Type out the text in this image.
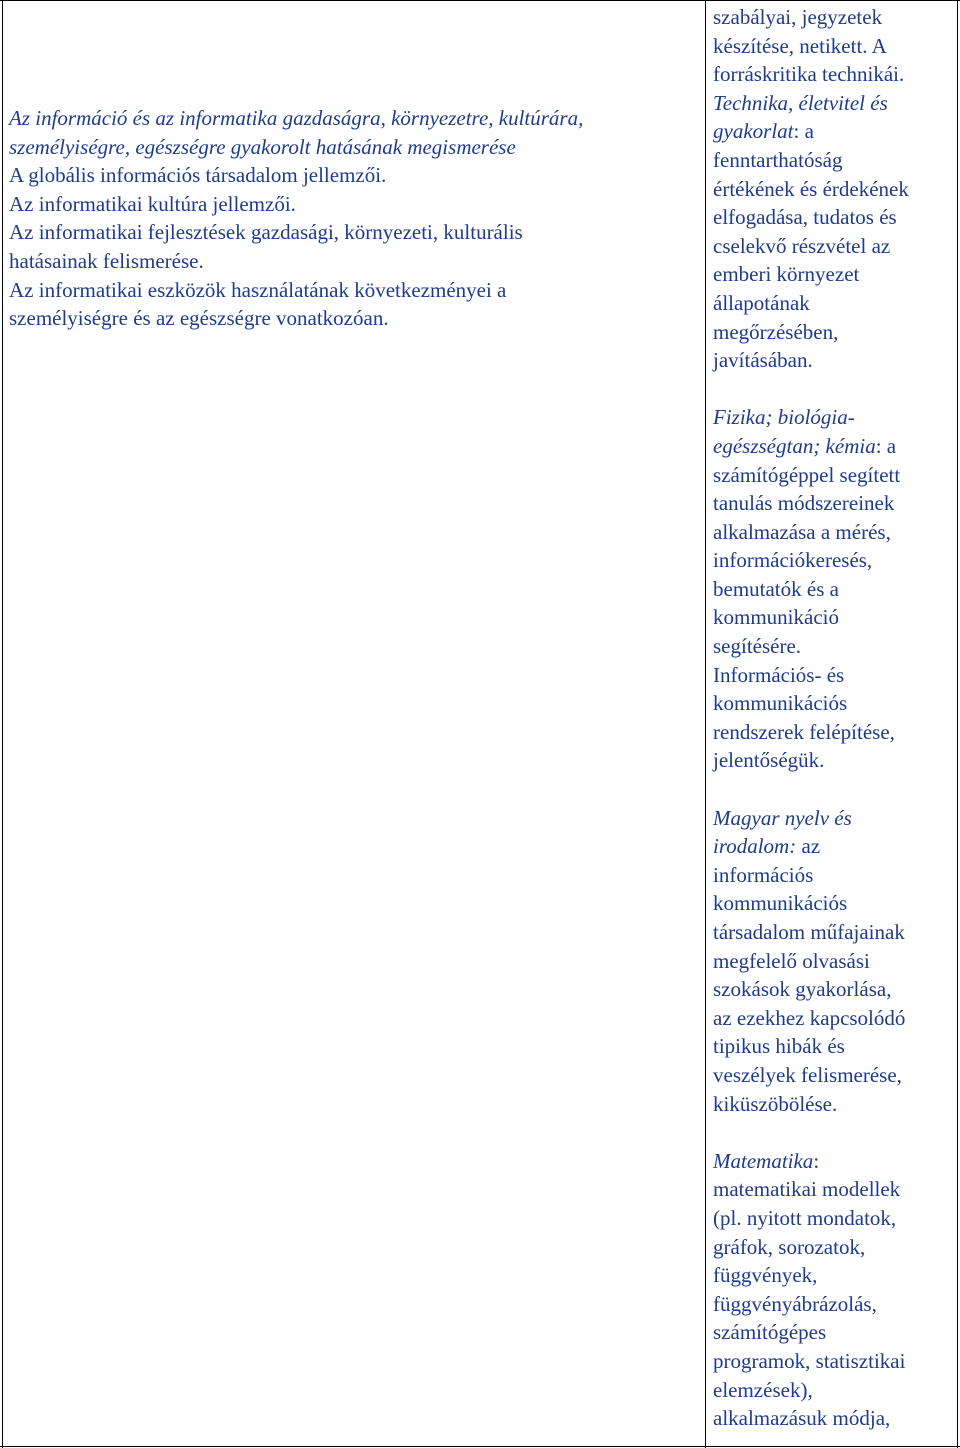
Az információ és az informatika gazdaságra, környezetre, kultúrára,
személyiségre, egészségre gyakorolt hatásának megismerése
A globális információs társadalom jellemzői.
Az informatikai kultúra jellemzői.
Az informatikai fejlesztések gazdasági, környezeti, kulturális
hatásainak felismerése.
Az informatikai eszközök használatának következményei a
személyiségre és az egészségre vonatkozóan.
szabályai, jegyzetek
készítése, netikett. A
forráskritika technikái.
Technika, életvitel és
gyakorlat: a
fenntarthatóság
értékének és érdekének
elfogadása, tudatos és
cselekvő részvétel az
emberi környezet
állapotának
megőrzésében,
javításában.
Fizika; biológia-
egészségtan; kémia: a
számítógéppel segített
tanulás módszereinek
alkalmazása a mérés,
információkeresés,
bemutatók és a
kommunikáció
segítésére.
Információs- és
kommunikációs
rendszerek felépítése,
jelentőségük.
Magyar nyelv és
irodalom: az
információs
kommunikációs
társadalom műfajainak
megfelelő olvasási
szokások gyakorlása,
az ezekhez kapcsolódó
tipikus hibák és
veszélyek felismerése,
kiküszöbölése.
Matematika:
matematikai modellek
(pl. nyitott mondatok,
gráfok, sorozatok,
függvények,
függvényábrázolás,
számítógépes
programok, statisztikai
elemzések),
alkalmazásuk módja,
